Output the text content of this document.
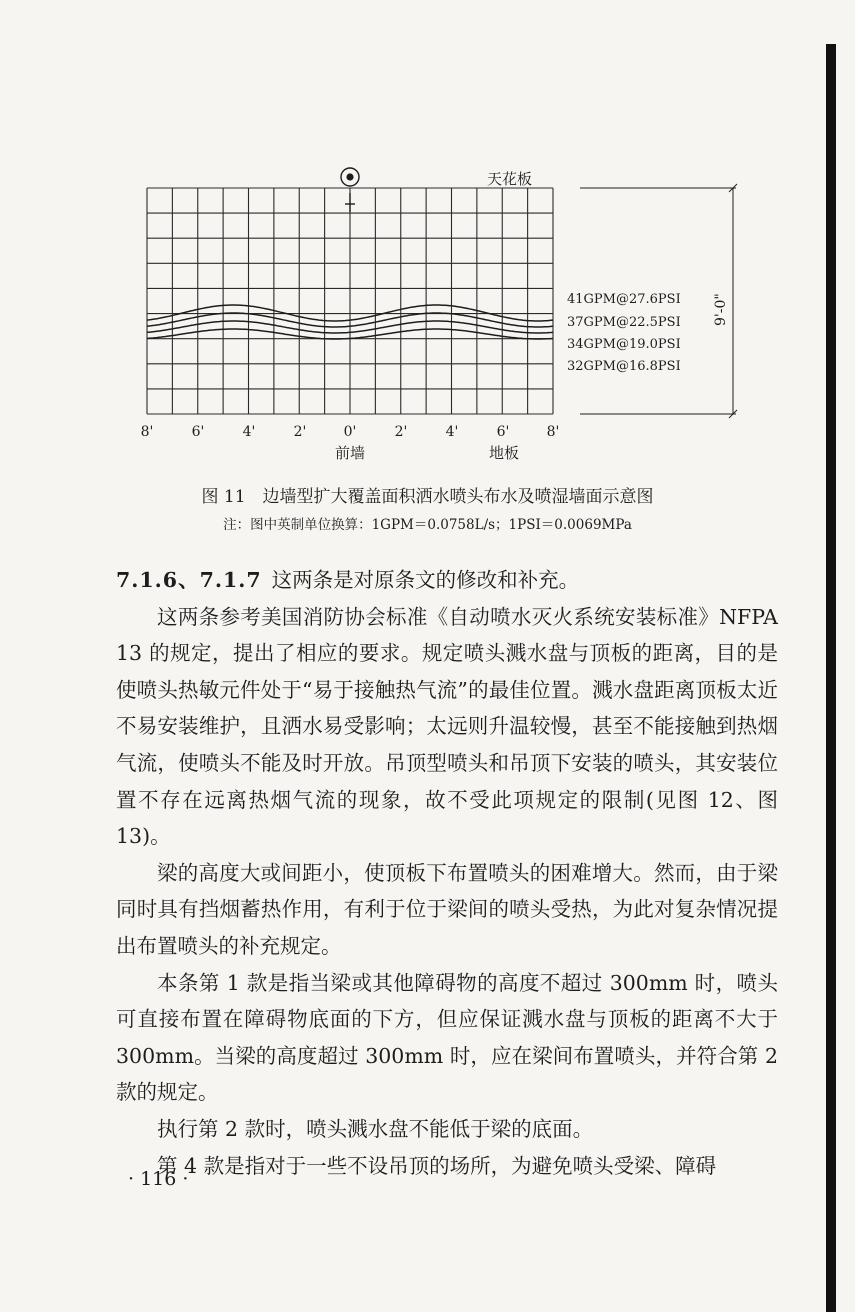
天花板
9'-0"
41GPM@27.6PSI
37GPM@22.5PSI
34GPM@19.0PSI
32GPM@16.8PSI
8'	6'	4'	2'	0'	2'	4'	6'	8'
前墙	地板
图 11　边墙型扩大覆盖面积洒水喷头布水及喷湿墙面示意图
注：图中英制单位换算：1GPM＝0.0758L/s；1PSI＝0.0069MPa

7.1.6、7.1.7 这两条是对原条文的修改和补充。

这两条参考美国消防协会标准《自动喷水灭火系统安装标准》NFPA 13 的规定，提出了相应的要求。规定喷头溅水盘与顶板的距离，目的是使喷头热敏元件处于“易于接触热气流”的最佳位置。溅水盘距离顶板太近不易安装维护，且洒水易受影响；太远则升温较慢，甚至不能接触到热烟气流，使喷头不能及时开放。吊顶型喷头和吊顶下安装的喷头，其安装位置不存在远离热烟气流的现象，故不受此项规定的限制(见图 12、图 13)。

梁的高度大或间距小，使顶板下布置喷头的困难增大。然而，由于梁同时具有挡烟蓄热作用，有利于位于梁间的喷头受热，为此对复杂情况提出布置喷头的补充规定。

本条第 1 款是指当梁或其他障碍物的高度不超过 300mm 时，喷头可直接布置在障碍物底面的下方，但应保证溅水盘与顶板的距离不大于 300mm。当梁的高度超过 300mm 时，应在梁间布置喷头，并符合第 2 款的规定。

执行第 2 款时，喷头溅水盘不能低于梁的底面。

第 4 款是指对于一些不设吊顶的场所，为避免喷头受梁、障碍

· 116 ·
